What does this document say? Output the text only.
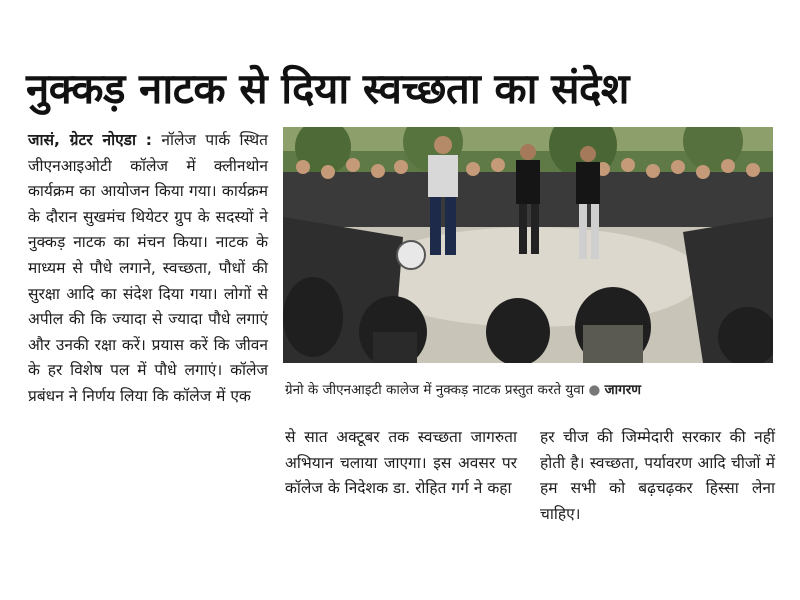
नुक्कड़ नाटक से दिया स्वच्छता का संदेश
जासं, ग्रेटर नोएडा : नॉलेज पार्क स्थित जीएनआइओटी कॉलेज में क्लीनथोन कार्यक्रम का आयोजन किया गया। कार्यक्रम के दौरान सुखमंच थियेटर ग्रुप के सदस्यों ने नुक्कड़ नाटक का मंचन किया। नाटक के माध्यम से पौधे लगाने, स्वच्छता, पौधों की सुरक्षा आदि का संदेश दिया गया। लोगों से अपील की कि ज्यादा से ज्यादा पौधे लगाएं और उनकी रक्षा करें। प्रयास करें कि जीवन के हर विशेष पल में पौधे लगाएं। कॉलेज प्रबंधन ने निर्णय लिया कि कॉलेज में एक	ग्रेनो के जीएनआइटी कालेज में नुक्कड़ नाटक प्रस्तुत करते युवा ● जागरण
से सात अक्टूबर तक स्वच्छता जागरुता अभियान चलाया जाएगा। इस अवसर पर कॉलेज के निदेशक डा. रोहित गर्ग ने कहा
हर चीज की जिम्मेदारी सरकार की नहीं होती है। स्वच्छता, पर्यावरण आदि चीजों में हम सभी को बढ़चढ़कर हिस्सा लेना चाहिए।
